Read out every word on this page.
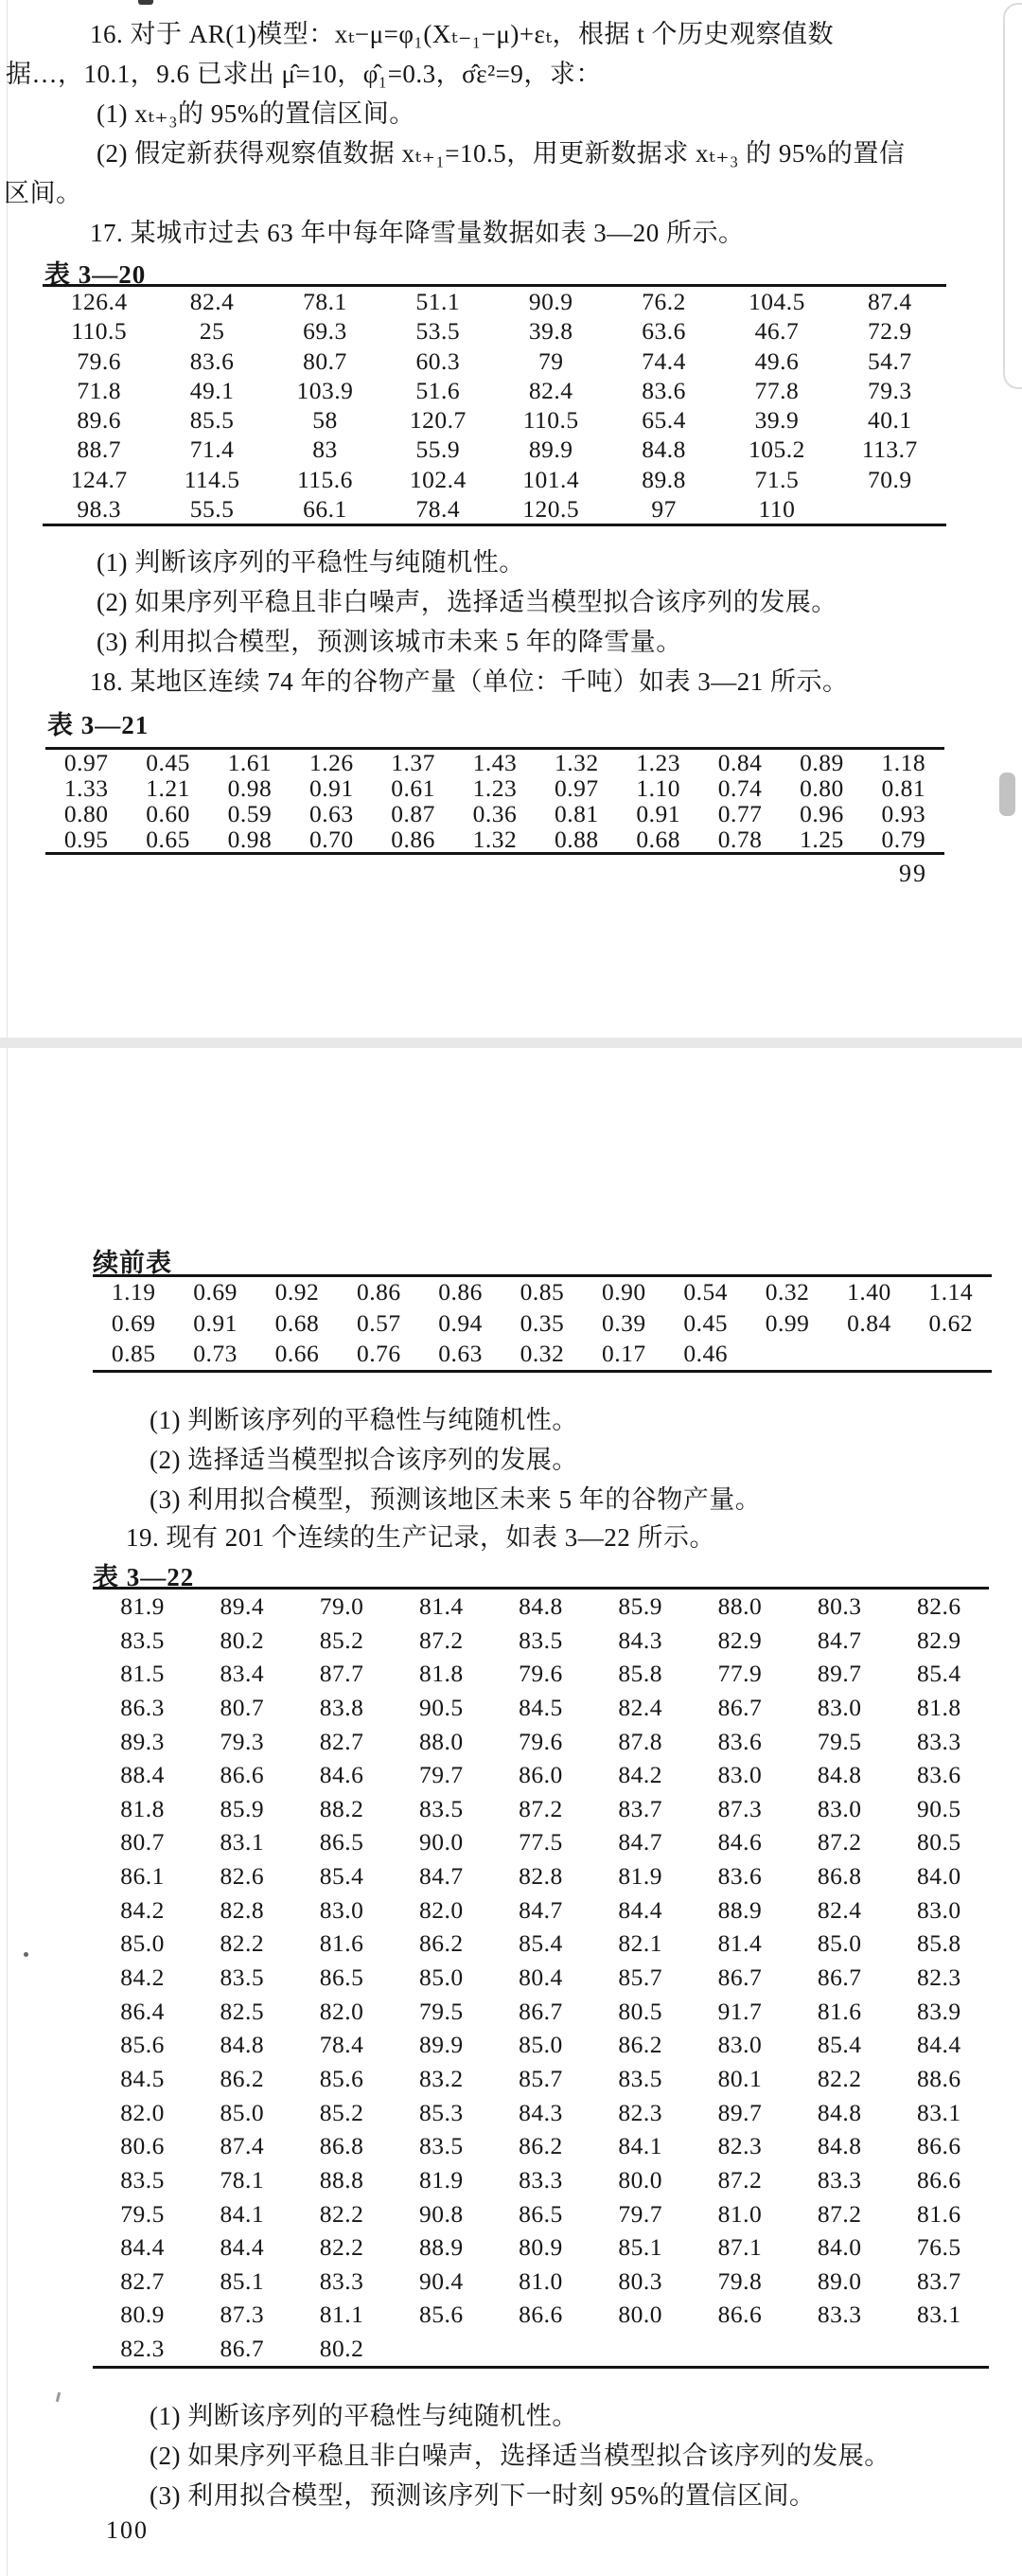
16. 对于 AR(1)模型：xₜ−μ=φ₁(Xₜ₋₁−μ)+εₜ，根据 t 个历史观察值数
据…，10.1，9.6 已求出 μ̂=10，φ̂₁=0.3，σ̂ε²=9，求：
(1) xₜ₊₃的 95%的置信区间。
(2) 假定新获得观察值数据 xₜ₊₁=10.5，用更新数据求 xₜ₊₃ 的 95%的置信
区间。
17. 某城市过去 63 年中每年降雪量数据如表 3—20 所示。
表 3—20
126.4	82.4	78.1	51.1	90.9	76.2	104.5	87.4
110.5	25	69.3	53.5	39.8	63.6	46.7	72.9
79.6	83.6	80.7	60.3	79	74.4	49.6	54.7
71.8	49.1	103.9	51.6	82.4	83.6	77.8	79.3
89.6	85.5	58	120.7	110.5	65.4	39.9	40.1
88.7	71.4	83	55.9	89.9	84.8	105.2	113.7
124.7	114.5	115.6	102.4	101.4	89.8	71.5	70.9
98.3	55.5	66.1	78.4	120.5	97	110
(1) 判断该序列的平稳性与纯随机性。
(2) 如果序列平稳且非白噪声，选择适当模型拟合该序列的发展。
(3) 利用拟合模型，预测该城市未来 5 年的降雪量。
18. 某地区连续 74 年的谷物产量（单位：千吨）如表 3—21 所示。
表 3—21
0.97	0.45	1.61	1.26	1.37	1.43	1.32	1.23	0.84	0.89	1.18
1.33	1.21	0.98	0.91	0.61	1.23	0.97	1.10	0.74	0.80	0.81
0.80	0.60	0.59	0.63	0.87	0.36	0.81	0.91	0.77	0.96	0.93
0.95	0.65	0.98	0.70	0.86	1.32	0.88	0.68	0.78	1.25	0.79
99
续前表
1.19	0.69	0.92	0.86	0.86	0.85	0.90	0.54	0.32	1.40	1.14
0.69	0.91	0.68	0.57	0.94	0.35	0.39	0.45	0.99	0.84	0.62
0.85	0.73	0.66	0.76	0.63	0.32	0.17	0.46
(1) 判断该序列的平稳性与纯随机性。
(2) 选择适当模型拟合该序列的发展。
(3) 利用拟合模型，预测该地区未来 5 年的谷物产量。
19. 现有 201 个连续的生产记录，如表 3—22 所示。
表 3—22
81.9	89.4	79.0	81.4	84.8	85.9	88.0	80.3	82.6
83.5	80.2	85.2	87.2	83.5	84.3	82.9	84.7	82.9
81.5	83.4	87.7	81.8	79.6	85.8	77.9	89.7	85.4
86.3	80.7	83.8	90.5	84.5	82.4	86.7	83.0	81.8
89.3	79.3	82.7	88.0	79.6	87.8	83.6	79.5	83.3
88.4	86.6	84.6	79.7	86.0	84.2	83.0	84.8	83.6
81.8	85.9	88.2	83.5	87.2	83.7	87.3	83.0	90.5
80.7	83.1	86.5	90.0	77.5	84.7	84.6	87.2	80.5
86.1	82.6	85.4	84.7	82.8	81.9	83.6	86.8	84.0
84.2	82.8	83.0	82.0	84.7	84.4	88.9	82.4	83.0
85.0	82.2	81.6	86.2	85.4	82.1	81.4	85.0	85.8
84.2	83.5	86.5	85.0	80.4	85.7	86.7	86.7	82.3
86.4	82.5	82.0	79.5	86.7	80.5	91.7	81.6	83.9
85.6	84.8	78.4	89.9	85.0	86.2	83.0	85.4	84.4
84.5	86.2	85.6	83.2	85.7	83.5	80.1	82.2	88.6
82.0	85.0	85.2	85.3	84.3	82.3	89.7	84.8	83.1
80.6	87.4	86.8	83.5	86.2	84.1	82.3	84.8	86.6
83.5	78.1	88.8	81.9	83.3	80.0	87.2	83.3	86.6
79.5	84.1	82.2	90.8	86.5	79.7	81.0	87.2	81.6
84.4	84.4	82.2	88.9	80.9	85.1	87.1	84.0	76.5
82.7	85.1	83.3	90.4	81.0	80.3	79.8	89.0	83.7
80.9	87.3	81.1	85.6	86.6	80.0	86.6	83.3	83.1
82.3	86.7	80.2
(1) 判断该序列的平稳性与纯随机性。
(2) 如果序列平稳且非白噪声，选择适当模型拟合该序列的发展。
(3) 利用拟合模型，预测该序列下一时刻 95%的置信区间。
100
